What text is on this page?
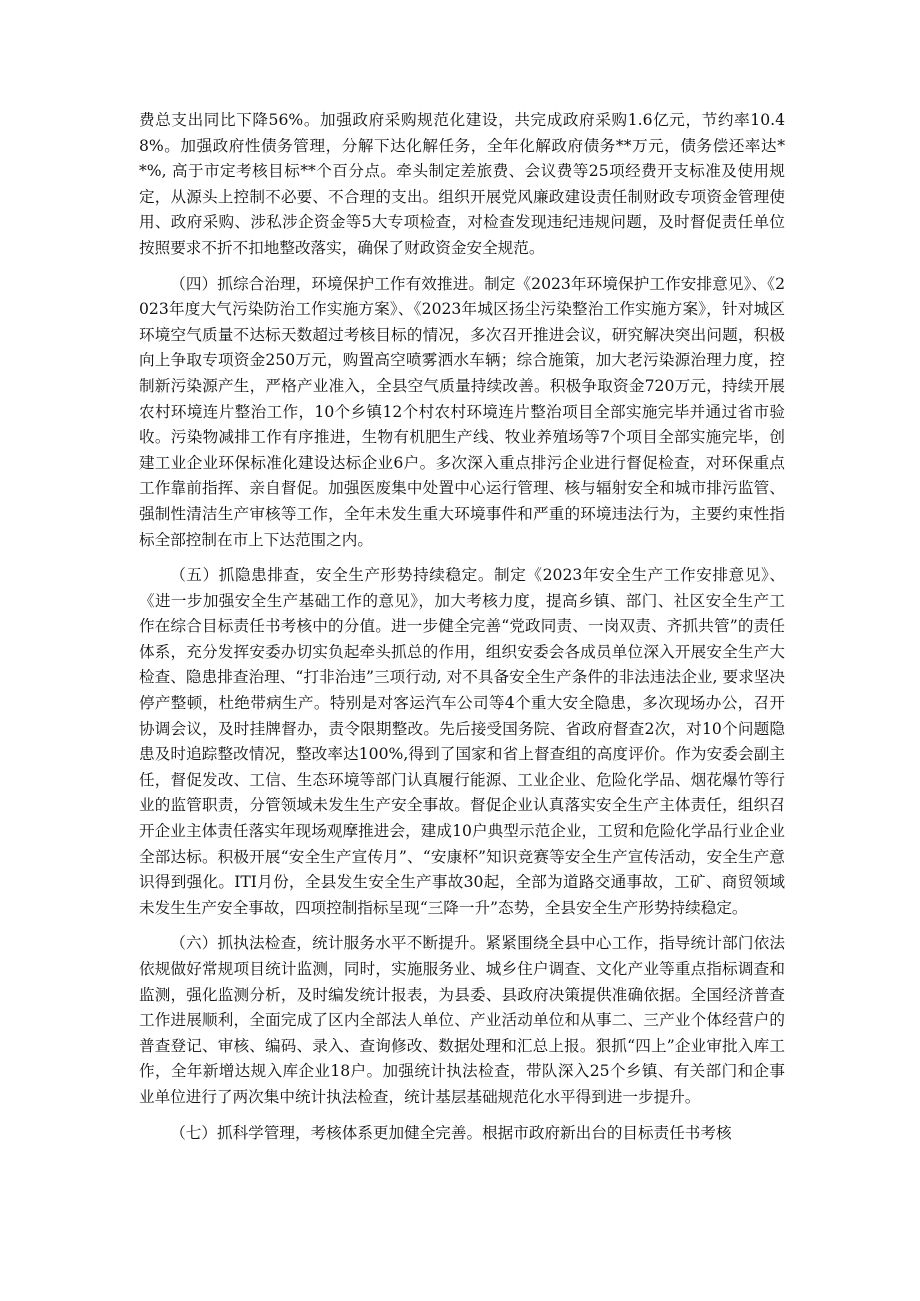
费总支出同比下降56%。加强政府采购规范化建设，共完成政府采购1.6亿元，节约率10.48%。加强政府性债务管理，分解下达化解任务，全年化解政府债务**万元，债务偿还率达**%, 高于市定考核目标**个百分点。牵头制定差旅费、会议费等25项经费开支标准及使用规定，从源头上控制不必要、不合理的支出。组织开展党风廉政建设责任制财政专项资金管理使用、政府采购、涉私涉企资金等5大专项检查，对检查发现违纪违规问题，及时督促责任单位按照要求不折不扣地整改落实，确保了财政资金安全规范。

（四）抓综合治理，环境保护工作有效推进。制定《2023年环境保护工作安排意见》、《2023年度大气污染防治工作实施方案》、《2023年城区扬尘污染整治工作实施方案》，针对城区环境空气质量不达标天数超过考核目标的情况，多次召开推进会议，研究解决突出问题，积极向上争取专项资金250万元，购置高空喷雾洒水车辆；综合施策，加大老污染源治理力度，控制新污染源产生，严格产业准入，全县空气质量持续改善。积极争取资金720万元，持续开展农村环境连片整治工作，10个乡镇12个村农村环境连片整治项目全部实施完毕并通过省市验收。污染物减排工作有序推进，生物有机肥生产线、牧业养殖场等7个项目全部实施完毕，创建工业企业环保标准化建设达标企业6户。多次深入重点排污企业进行督促检查，对环保重点工作靠前指挥、亲自督促。加强医废集中处置中心运行管理、核与辐射安全和城市排污监管、强制性清洁生产审核等工作，全年未发生重大环境事件和严重的环境违法行为，主要约束性指标全部控制在市上下达范围之内。

（五）抓隐患排查，安全生产形势持续稳定。制定《2023年安全生产工作安排意见》、《进一步加强安全生产基础工作的意见》，加大考核力度，提高乡镇、部门、社区安全生产工作在综合目标责任书考核中的分值。进一步健全完善“党政同责、一岗双责、齐抓共管”的责任体系，充分发挥安委办切实负起牵头抓总的作用，组织安委会各成员单位深入开展安全生产大检查、隐患排查治理、“打非治违”三项行动, 对不具备安全生产条件的非法违法企业, 要求坚决停产整顿，杜绝带病生产。特别是对客运汽车公司等4个重大安全隐患，多次现场办公，召开协调会议，及时挂牌督办，责令限期整改。先后接受国务院、省政府督查2次，对10个问题隐患及时追踪整改情况，整改率达100%,得到了国家和省上督查组的高度评价。作为安委会副主任，督促发改、工信、生态环境等部门认真履行能源、工业企业、危险化学品、烟花爆竹等行业的监管职责，分管领域未发生生产安全事故。督促企业认真落实安全生产主体责任，组织召开企业主体责任落实年现场观摩推进会，建成10户典型示范企业，工贸和危险化学品行业企业全部达标。积极开展“安全生产宣传月”、“安康杯”知识竞赛等安全生产宣传活动，安全生产意识得到强化。ITI月份，全县发生安全生产事故30起，全部为道路交通事故，工矿、商贸领域未发生生产安全事故，四项控制指标呈现“三降一升”态势，全县安全生产形势持续稳定。

（六）抓执法检查，统计服务水平不断提升。紧紧围绕全县中心工作，指导统计部门依法依规做好常规项目统计监测，同时，实施服务业、城乡住户调查、文化产业等重点指标调查和监测，强化监测分析，及时编发统计报表，为县委、县政府决策提供准确依据。全国经济普查工作进展顺利，全面完成了区内全部法人单位、产业活动单位和从事二、三产业个体经营户的普查登记、审核、编码、录入、查询修改、数据处理和汇总上报。狠抓“四上”企业审批入库工作，全年新增达规入库企业18户。加强统计执法检查，带队深入25个乡镇、有关部门和企事业单位进行了两次集中统计执法检查，统计基层基础规范化水平得到进一步提升。

（七）抓科学管理，考核体系更加健全完善。根据市政府新出台的目标责任书考核
